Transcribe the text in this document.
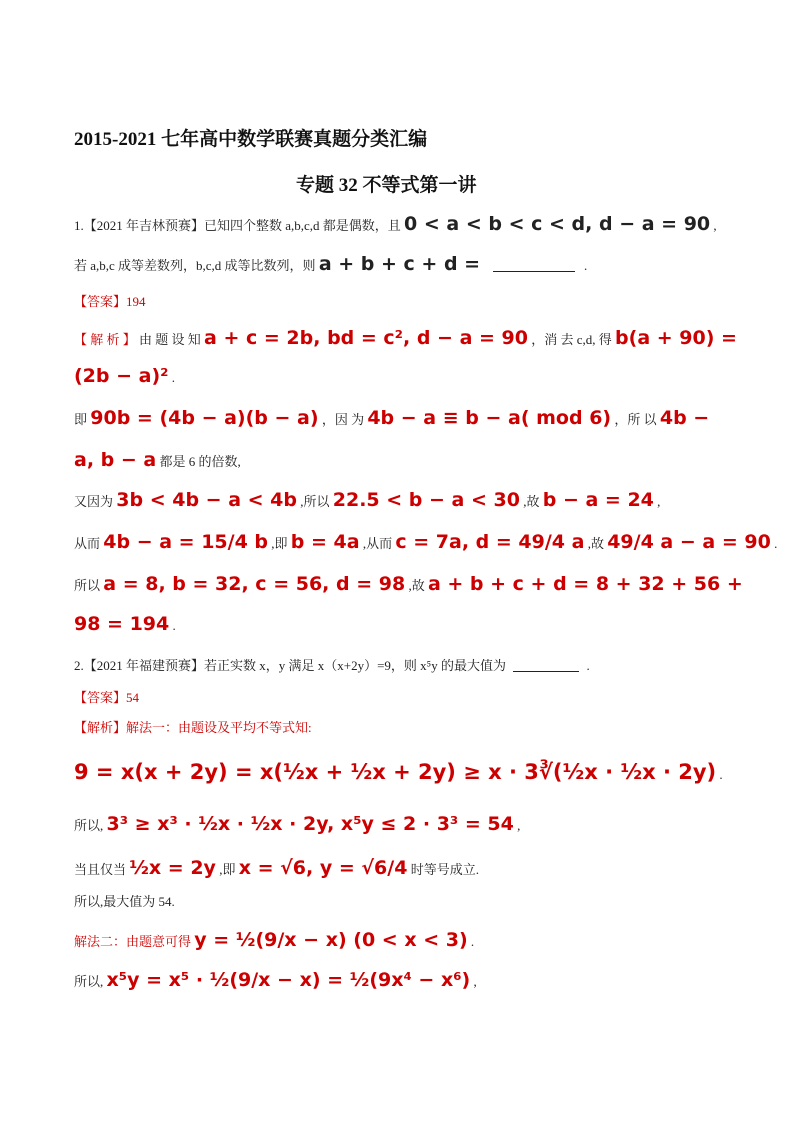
2015-2021 七年高中数学联赛真题分类汇编
专题 32 不等式第一讲
1.【2021 年吉林预赛】已知四个整数 a,b,c,d 都是偶数，且 0 < a < b < c < d, d − a = 90 ,
若 a,b,c 成等差数列，b,c,d 成等比数列，则 a + b + c + d =	.
【答案】194
【 解 析 】 由 题 设 知 a + c = 2b, bd = c², d − a = 90 ，消 去 c,d, 得 b(a + 90) =
(2b − a)² .
即 90b = (4b − a)(b − a) ，因 为 4b − a ≡ b − a( mod 6) ，所 以 4b −
a, b − a 都是 6 的倍数,
又因为 3b < 4b − a < 4b ,所以 22.5 < b − a < 30 ,故 b − a = 24 ,
从而 4b − a = 15/4 b ,即 b = 4a ,从而 c = 7a, d = 49/4 a ,故 49/4 a − a = 90 .
所以 a = 8, b = 32, c = 56, d = 98 ,故 a + b + c + d = 8 + 32 + 56 +
98 = 194 .
2.【2021 年福建预赛】若正实数 x，y 满足 x（x+2y）=9，则 x⁵y 的最大值为	.
【答案】54
【解析】解法一：由题设及平均不等式知:
9 = x(x + 2y) = x(½x + ½x + 2y) ≥ x · 3∛(½x · ½x · 2y) .
所以, 3³ ≥ x³ · ½x · ½x · 2y, x⁵y ≤ 2 · 3³ = 54 ,
当且仅当 ½x = 2y ,即 x = √6, y = √6/4 时等号成立.
所以,最大值为 54.
解法二：由题意可得 y = ½(9/x − x) (0 < x < 3) .
所以, x⁵y = x⁵ · ½(9/x − x) = ½(9x⁴ − x⁶) ,
